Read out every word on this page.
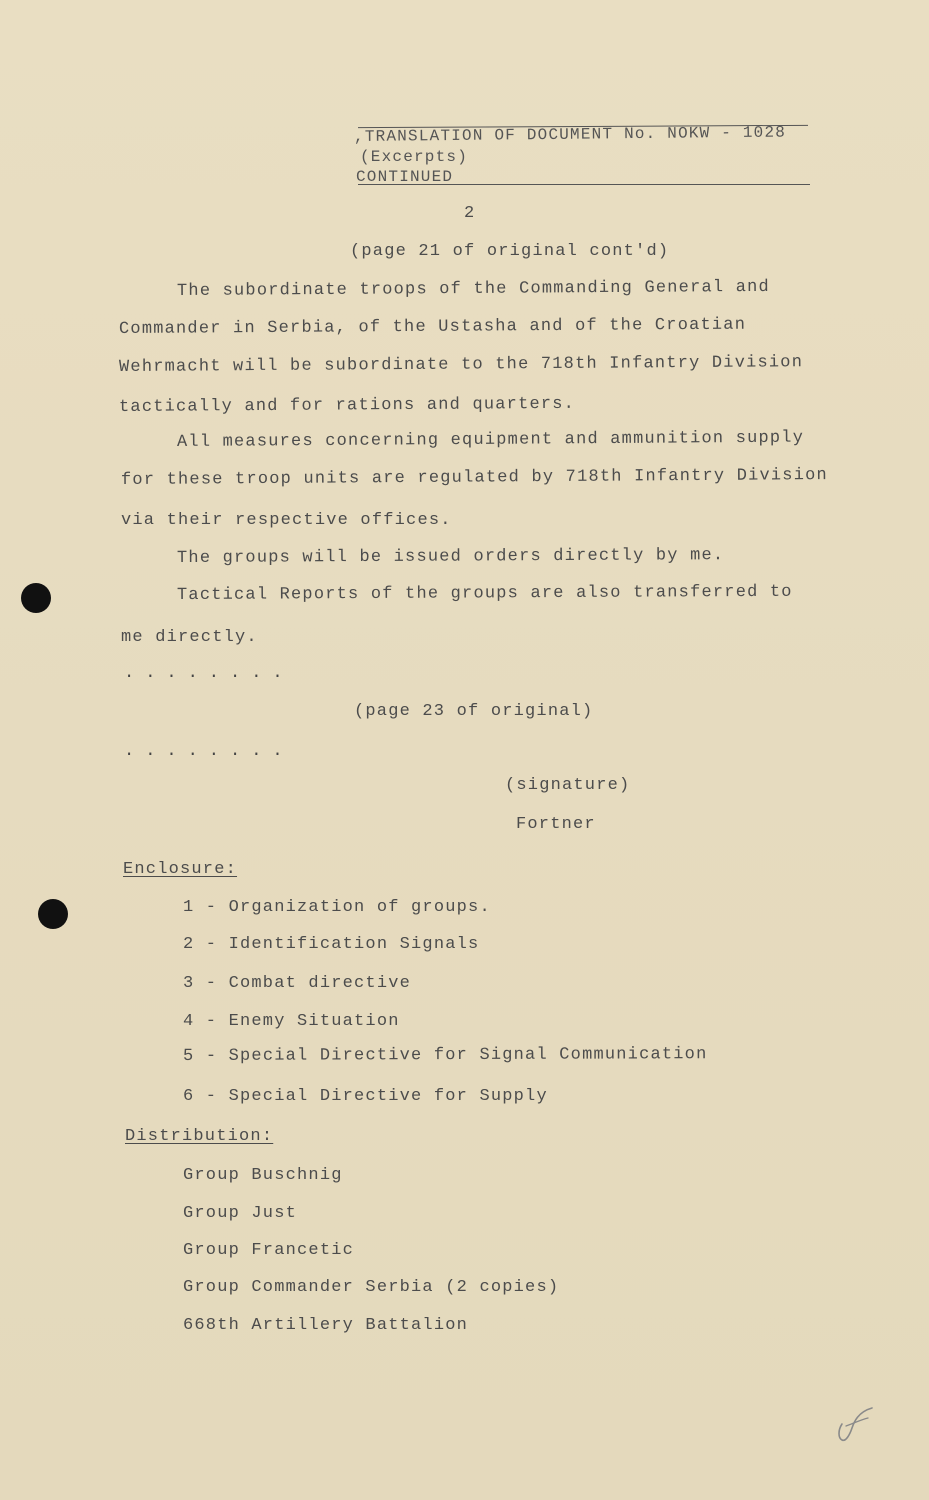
,TRANSLATION OF DOCUMENT No. NOKW - 1028
(Excerpts)
CONTINUED
2
(page 21 of original cont'd)
The subordinate troops of the Commanding General and
Commander in Serbia, of the Ustasha and of the Croatian
Wehrmacht will be subordinate to the 718th Infantry Division
tactically and for rations and quarters.
All measures concerning equipment and ammunition supply
for these troop units are regulated by 718th Infantry Division
via their respective offices.
The groups will be issued orders directly by me.
Tactical Reports of the groups are also transferred to
me directly.
........
(page 23 of original)
........
(signature)
Fortner
Enclosure:
1 - Organization of groups.
2 - Identification Signals
3 - Combat directive
4 - Enemy Situation
5 - Special Directive for Signal Communication
6 - Special Directive for Supply
Distribution:
Group Buschnig
Group Just
Group Francetic
Group Commander Serbia (2 copies)
668th Artillery Battalion
